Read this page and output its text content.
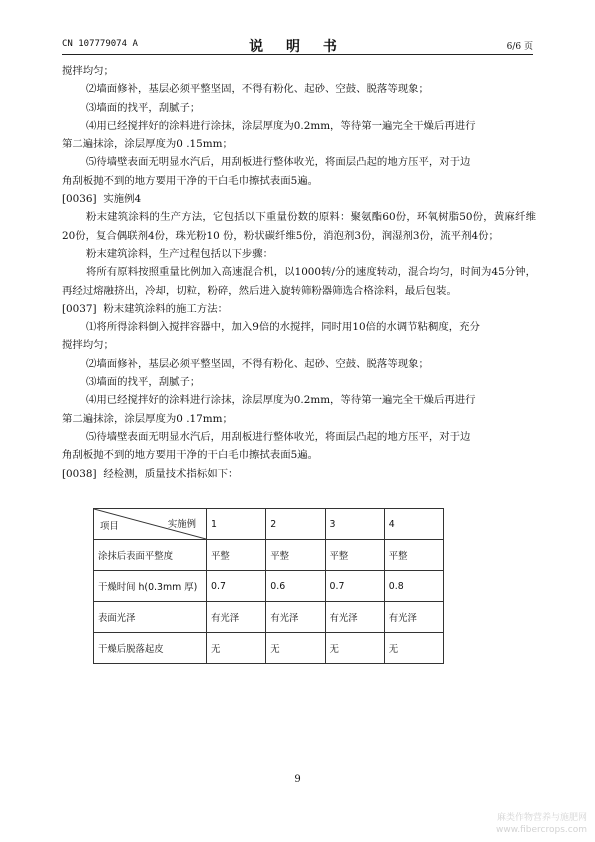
CN 107779074 A	说 明 书	6/6 页
搅拌均匀；
⑵墙面修补，基层必须平整坚固，不得有粉化、起砂、空鼓、脱落等现象；
⑶墙面的找平，刮腻子；
⑷用已经搅拌好的涂料进行涂抹，涂层厚度为0.2mm，等待第一遍完全干燥后再进行
第二遍抹涂，涂层厚度为0 .15mm；
⑸待墙壁表面无明显水汽后，用刮板进行整体收光，将面层凸起的地方压平，对于边
角刮板抛不到的地方要用干净的干白毛巾擦拭表面5遍。
[0036] 实施例4
粉末建筑涂料的生产方法，它包括以下重量份数的原料：聚氨酯60份，环氧树脂50份，黄麻纤维20份，复合偶联剂4份，珠光粉10 份，粉状碳纤维5份，消泡剂3份，润湿剂3份，流平剂4份；
粉末建筑涂料，生产过程包括以下步骤：
将所有原料按照重量比例加入高速混合机，以1000转/分的速度转动，混合均匀，时间为45分钟，再经过熔融挤出，冷却，切粒，粉碎，然后进入旋转筛粉器筛选合格涂料，最后包装。
[0037] 粉末建筑涂料的施工方法：
⑴将所得涂料倒入搅拌容器中，加入9倍的水搅拌，同时用10倍的水调节粘稠度，充分
搅拌均匀；
⑵墙面修补，基层必须平整坚固，不得有粉化、起砂、空鼓、脱落等现象；
⑶墙面的找平，刮腻子；
⑷用已经搅拌好的涂料进行涂抹，涂层厚度为0.2mm，等待第一遍完全干燥后再进行
第二遍抹涂，涂层厚度为0 .17mm；
⑸待墙壁表面无明显水汽后，用刮板进行整体收光，将面层凸起的地方压平，对于边
角刮板抛不到的地方要用干净的干白毛巾擦拭表面5遍。
[0038] 经检测，质量技术指标如下：
实施例
项目	1	2	3	4
涂抹后表面平整度	平整	平整	平整	平整
干燥时间 h(0.3mm 厚)	0.7	0.6	0.7	0.8
表面光泽	有光泽	有光泽	有光泽	有光泽
干燥后脱落起皮	无	无	无	无
9
麻类作物营养与施肥网
www.fibercrops.com
